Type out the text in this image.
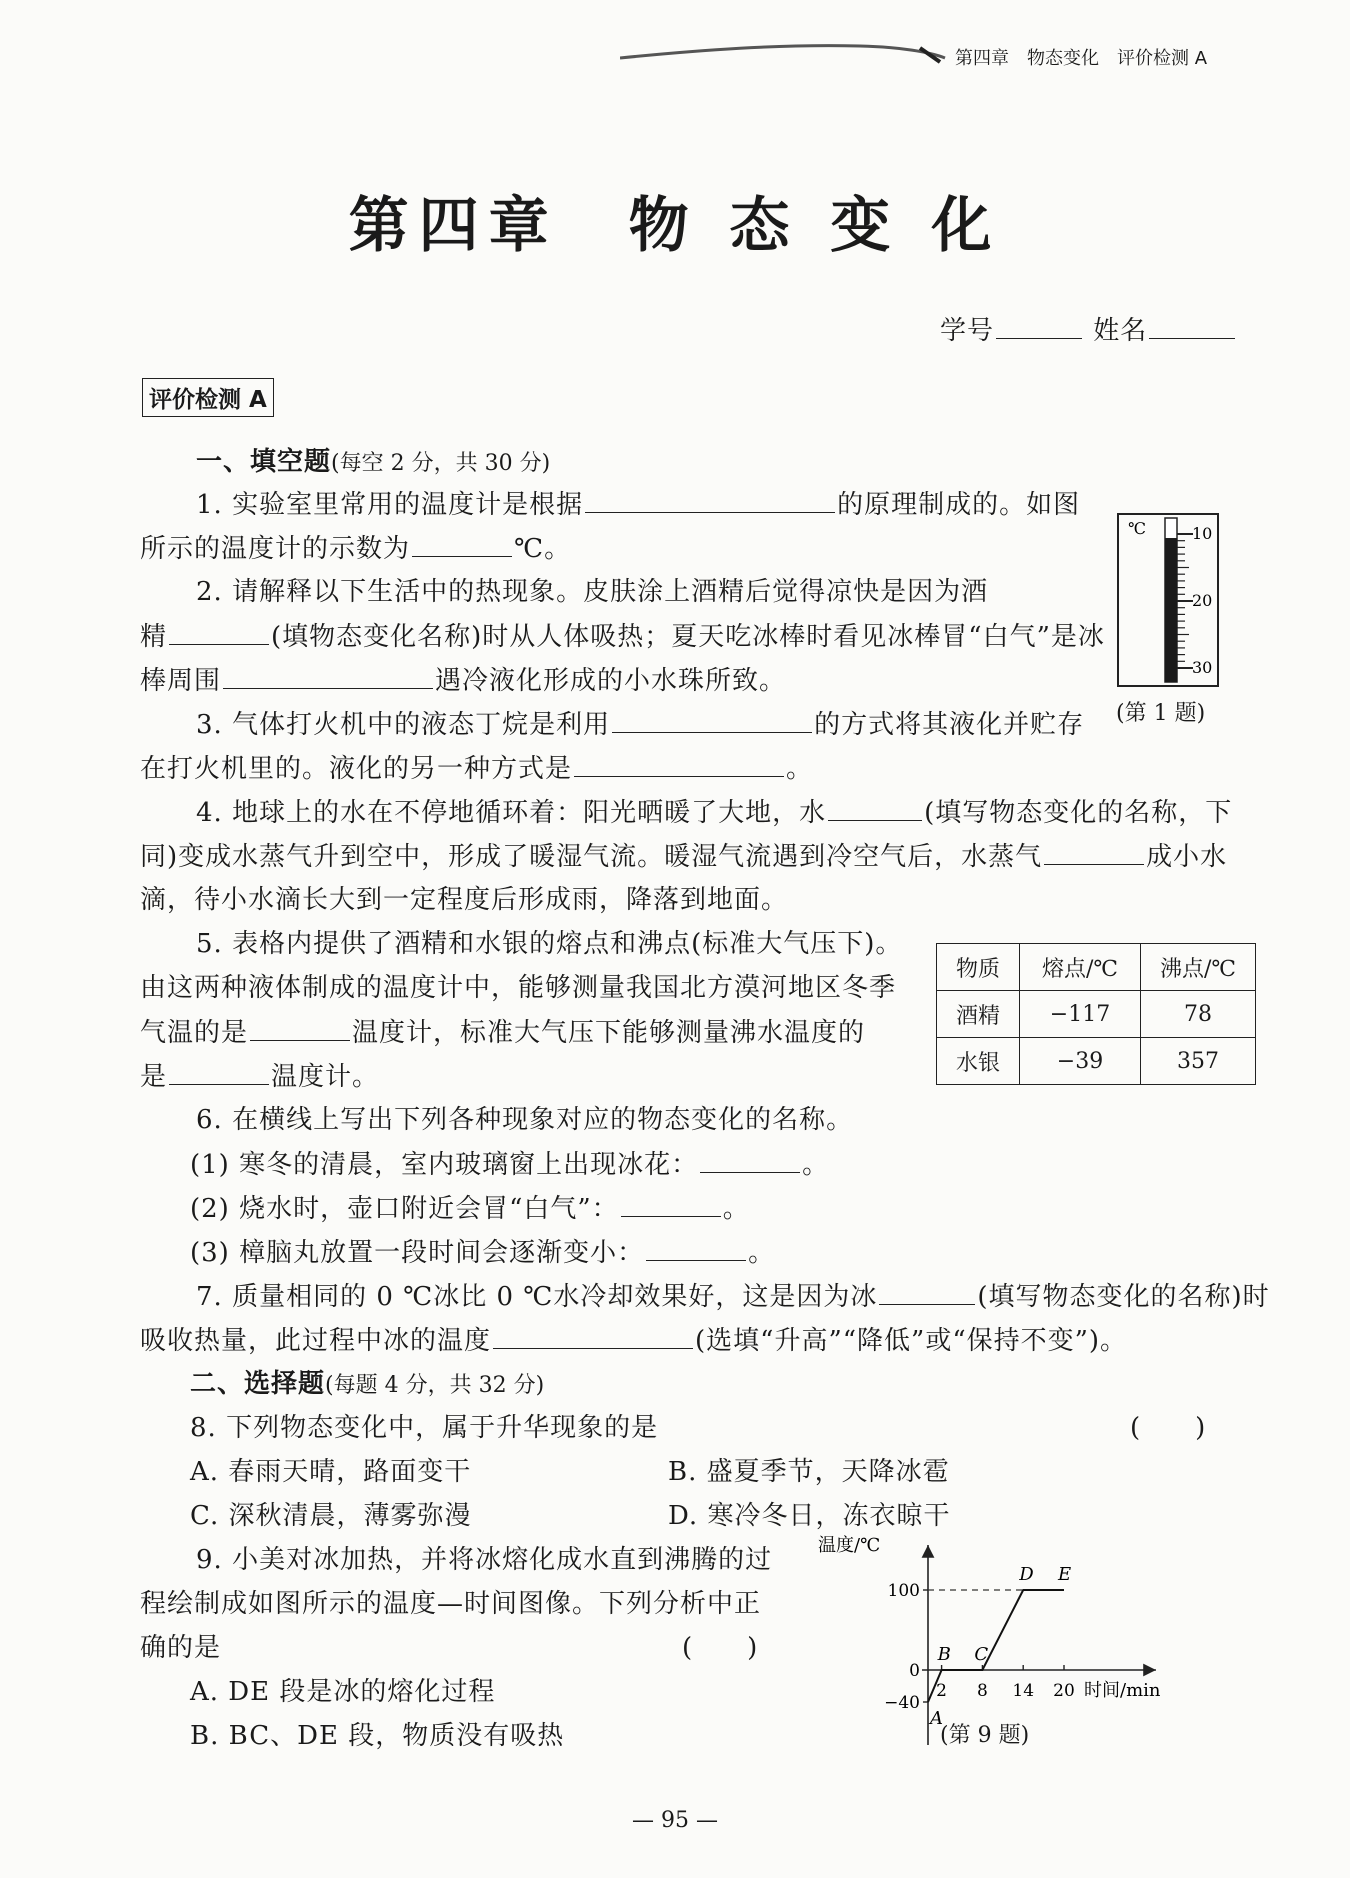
第四章　物态变化　评价检测 A
第四章　物 态 变 化
学号	姓名
评价检测 A
一、填空题(每空 2 分，共 30 分)
1. 实验室里常用的温度计是根据	的原理制成的。如图
所示的温度计的示数为	℃。
℃	10
20
30
(第 1 题)
2. 请解释以下生活中的热现象。皮肤涂上酒精后觉得凉快是因为酒
精	(填物态变化名称)时从人体吸热；夏天吃冰棒时看见冰棒冒“白气”是冰
棒周围	遇冷液化形成的小水珠所致。
3. 气体打火机中的液态丁烷是利用	的方式将其液化并贮存
在打火机里的。液化的另一种方式是	。
4. 地球上的水在不停地循环着：阳光晒暖了大地，水	(填写物态变化的名称，下
同)变成水蒸气升到空中，形成了暖湿气流。暖湿气流遇到冷空气后，水蒸气	成小水
滴，待小水滴长大到一定程度后形成雨，降落到地面。
5. 表格内提供了酒精和水银的熔点和沸点(标准大气压下)。
由这两种液体制成的温度计中，能够测量我国北方漠河地区冬季
气温的是	温度计，标准大气压下能够测量沸水温度的
是	温度计。
物质	熔点/℃	沸点/℃
酒精	−117	78
水银	−39	357
6. 在横线上写出下列各种现象对应的物态变化的名称。
(1) 寒冬的清晨，室内玻璃窗上出现冰花：	。
(2) 烧水时，壶口附近会冒“白气”：	。
(3) 樟脑丸放置一段时间会逐渐变小：	。
7. 质量相同的 0 ℃冰比 0 ℃水冷却效果好，这是因为冰	(填写物态变化的名称)时
吸收热量，此过程中冰的温度	(选填“升高”“降低”或“保持不变”)。
二、选择题(每题 4 分，共 32 分)
8. 下列物态变化中，属于升华现象的是	(　　)
A. 春雨天晴，路面变干	B. 盛夏季节，天降冰雹
C. 深秋清晨，薄雾弥漫	D. 寒冷冬日，冻衣晾干
9. 小美对冰加热，并将冰熔化成水直到沸腾的过
程绘制成如图所示的温度—时间图像。下列分析中正
确的是	(　　)
A. DE 段是冰的熔化过程
B. BC、DE 段，物质没有吸热
温度/℃
时间/min
100
0
−40
2 8 14 20
A
B C
D E
(第 9 题)
— 95 —
